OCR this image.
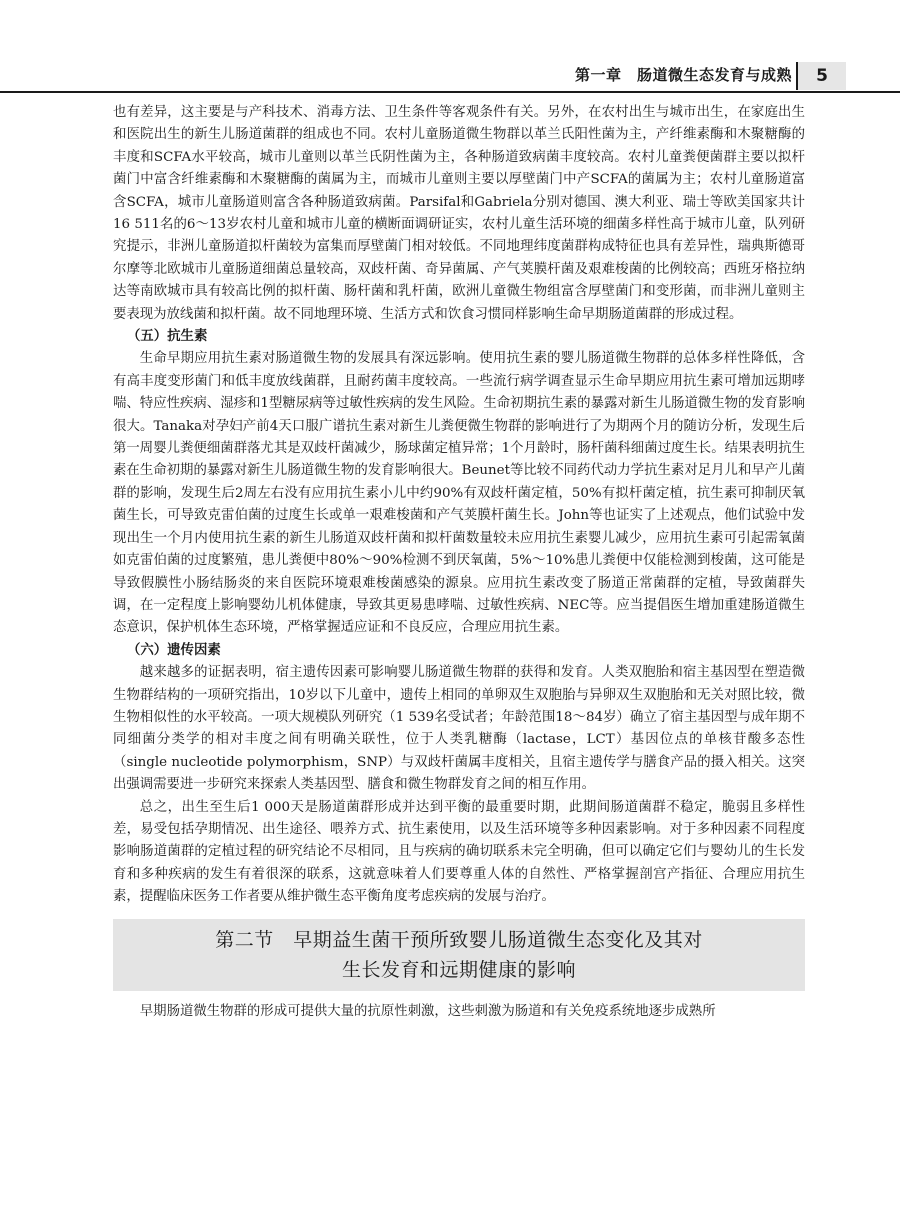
第一章　肠道微生态发育与成熟	5

也有差异，这主要是与产科技术、消毒方法、卫生条件等客观条件有关。另外，在农村出生与城市出生，在家庭出生和医院出生的新生儿肠道菌群的组成也不同。农村儿童肠道微生物群以革兰氏阳性菌为主，产纤维素酶和木聚糖酶的丰度和SCFA水平较高，城市儿童则以革兰氏阴性菌为主，各种肠道致病菌丰度较高。农村儿童粪便菌群主要以拟杆菌门中富含纤维素酶和木聚糖酶的菌属为主，而城市儿童则主要以厚壁菌门中产SCFA的菌属为主；农村儿童肠道富含SCFA，城市儿童肠道则富含各种肠道致病菌。Parsifal和Gabriela分别对德国、澳大利亚、瑞士等欧美国家共计16 511名的6～13岁农村儿童和城市儿童的横断面调研证实，农村儿童生活环境的细菌多样性高于城市儿童，队列研究提示，非洲儿童肠道拟杆菌较为富集而厚壁菌门相对较低。不同地理纬度菌群构成特征也具有差异性，瑞典斯德哥尔摩等北欧城市儿童肠道细菌总量较高，双歧杆菌、奇异菌属、产气荚膜杆菌及艰难梭菌的比例较高；西班牙格拉纳达等南欧城市具有较高比例的拟杆菌、肠杆菌和乳杆菌，欧洲儿童微生物组富含厚壁菌门和变形菌，而非洲儿童则主要表现为放线菌和拟杆菌。故不同地理环境、生活方式和饮食习惯同样影响生命早期肠道菌群的形成过程。

（五）抗生素

生命早期应用抗生素对肠道微生物的发展具有深远影响。使用抗生素的婴儿肠道微生物群的总体多样性降低，含有高丰度变形菌门和低丰度放线菌群，且耐药菌丰度较高。一些流行病学调查显示生命早期应用抗生素可增加远期哮喘、特应性疾病、湿疹和1型糖尿病等过敏性疾病的发生风险。生命初期抗生素的暴露对新生儿肠道微生物的发育影响很大。Tanaka对孕妇产前4天口服广谱抗生素对新生儿粪便微生物群的影响进行了为期两个月的随访分析，发现生后第一周婴儿粪便细菌群落尤其是双歧杆菌减少，肠球菌定植异常；1个月龄时，肠杆菌科细菌过度生长。结果表明抗生素在生命初期的暴露对新生儿肠道微生物的发育影响很大。Beunet等比较不同药代动力学抗生素对足月儿和早产儿菌群的影响，发现生后2周左右没有应用抗生素小儿中约90%有双歧杆菌定植，50%有拟杆菌定植，抗生素可抑制厌氧菌生长，可导致克雷伯菌的过度生长或单一艰难梭菌和产气荚膜杆菌生长。John等也证实了上述观点，他们试验中发现出生一个月内使用抗生素的新生儿肠道双歧杆菌和拟杆菌数量较未应用抗生素婴儿减少，应用抗生素可引起需氧菌如克雷伯菌的过度繁殖，患儿粪便中80%～90%检测不到厌氧菌，5%～10%患儿粪便中仅能检测到梭菌，这可能是导致假膜性小肠结肠炎的来自医院环境艰难梭菌感染的源泉。应用抗生素改变了肠道正常菌群的定植，导致菌群失调，在一定程度上影响婴幼儿机体健康，导致其更易患哮喘、过敏性疾病、NEC等。应当提倡医生增加重建肠道微生态意识，保护机体生态环境，严格掌握适应证和不良反应，合理应用抗生素。

（六）遗传因素

越来越多的证据表明，宿主遗传因素可影响婴儿肠道微生物群的获得和发育。人类双胞胎和宿主基因型在塑造微生物群结构的一项研究指出，10岁以下儿童中，遗传上相同的单卵双生双胞胎与异卵双生双胞胎和无关对照比较，微生物相似性的水平较高。一项大规模队列研究（1 539名受试者；年龄范围18～84岁）确立了宿主基因型与成年期不同细菌分类学的相对丰度之间有明确关联性，位于人类乳糖酶（lactase，LCT）基因位点的单核苷酸多态性（single nucleotide polymorphism，SNP）与双歧杆菌属丰度相关，且宿主遗传学与膳食产品的摄入相关。这突出强调需要进一步研究来探索人类基因型、膳食和微生物群发育之间的相互作用。

总之，出生至生后1 000天是肠道菌群形成并达到平衡的最重要时期，此期间肠道菌群不稳定，脆弱且多样性差，易受包括孕期情况、出生途径、喂养方式、抗生素使用，以及生活环境等多种因素影响。对于多种因素不同程度影响肠道菌群的定植过程的研究结论不尽相同，且与疾病的确切联系未完全明确，但可以确定它们与婴幼儿的生长发育和多种疾病的发生有着很深的联系，这就意味着人们要尊重人体的自然性、严格掌握剖宫产指征、合理应用抗生素，提醒临床医务工作者要从维护微生态平衡角度考虑疾病的发展与治疗。

第二节　早期益生菌干预所致婴儿肠道微生态变化及其对
生长发育和远期健康的影响

早期肠道微生物群的形成可提供大量的抗原性刺激，这些刺激为肠道和有关免疫系统地逐步成熟所
